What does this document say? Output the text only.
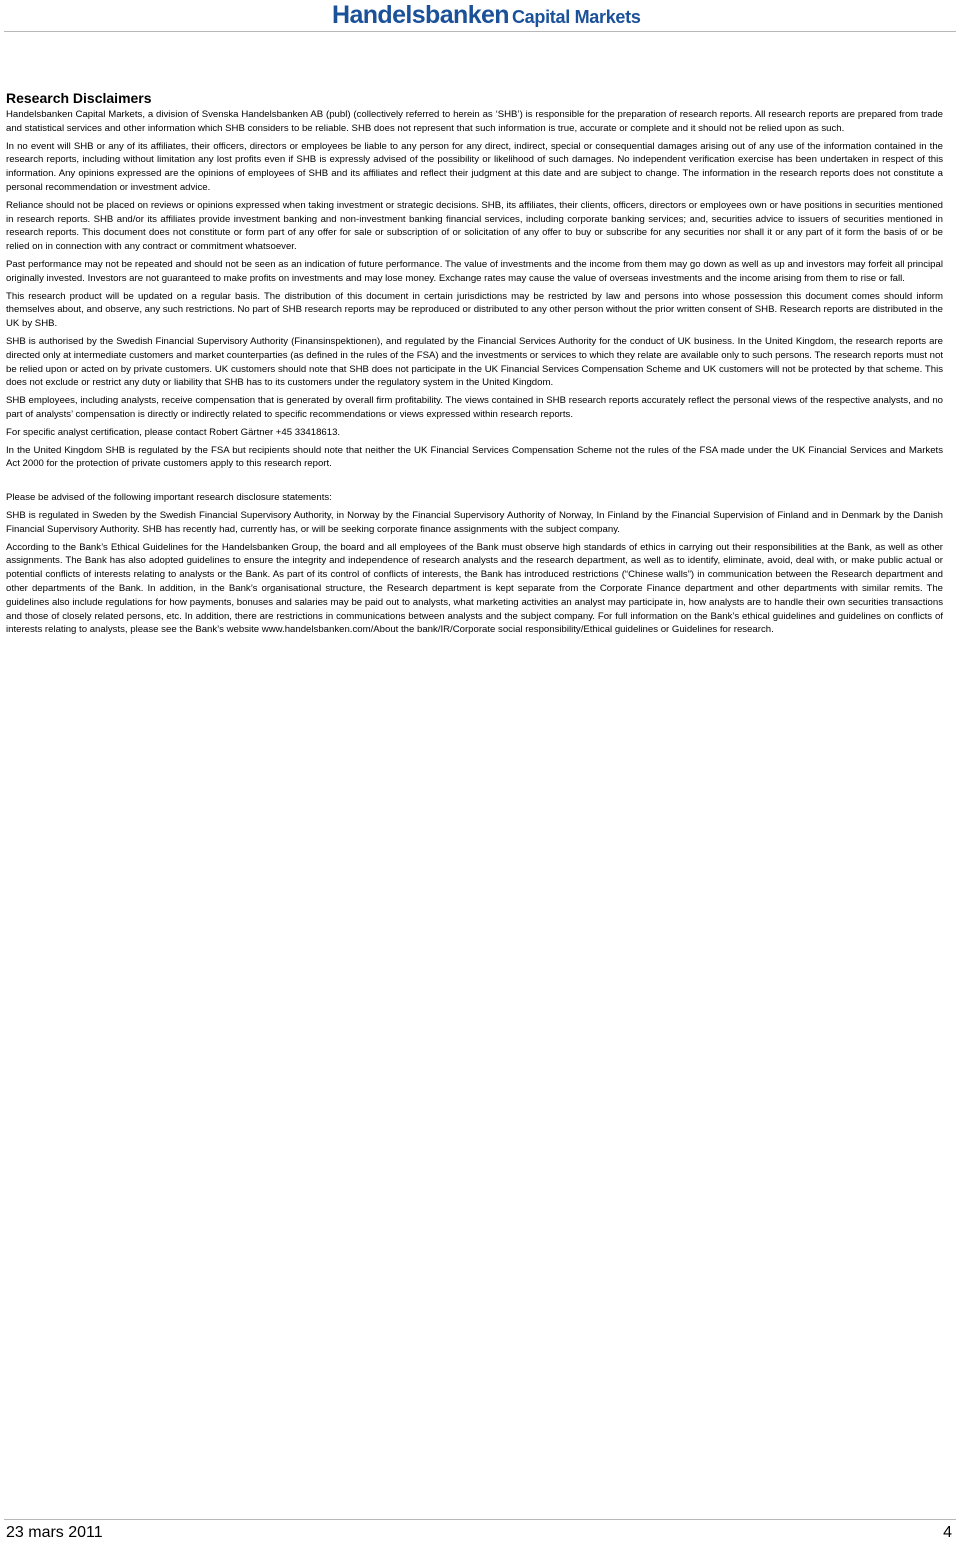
Handelsbanken Capital Markets
Research Disclaimers

Handelsbanken Capital Markets, a division of Svenska Handelsbanken AB (publ) (collectively referred to herein as ‘SHB’) is responsible for the preparation of research reports. All research reports are prepared from trade and statistical services and other information which SHB considers to be reliable. SHB does not represent that such information is true, accurate or complete and it should not be relied upon as such.

In no event will SHB or any of its affiliates, their officers, directors or employees be liable to any person for any direct, indirect, special or consequential damages arising out of any use of the information contained in the research reports, including without limitation any lost profits even if SHB is expressly advised of the possibility or likelihood of such damages. No independent verification exercise has been undertaken in respect of this information. Any opinions expressed are the opinions of employees of SHB and its affiliates and reflect their judgment at this date and are subject to change. The information in the research reports does not constitute a personal recommendation or investment advice.

Reliance should not be placed on reviews or opinions expressed when taking investment or strategic decisions. SHB, its affiliates, their clients, officers, directors or employees own or have positions in securities mentioned in research reports. SHB and/or its affiliates provide investment banking and non-investment banking financial services, including corporate banking services; and, securities advice to issuers of securities mentioned in research reports. This document does not constitute or form part of any offer for sale or subscription of or solicitation of any offer to buy or subscribe for any securities nor shall it or any part of it form the basis of or be relied on in connection with any contract or commitment whatsoever.

Past performance may not be repeated and should not be seen as an indication of future performance. The value of investments and the income from them may go down as well as up and investors may forfeit all principal originally invested. Investors are not guaranteed to make profits on investments and may lose money. Exchange rates may cause the value of overseas investments and the income arising from them to rise or fall.

This research product will be updated on a regular basis. The distribution of this document in certain jurisdictions may be restricted by law and persons into whose possession this document comes should inform themselves about, and observe, any such restrictions. No part of SHB research reports may be reproduced or distributed to any other person without the prior written consent of SHB. Research reports are distributed in the UK by SHB.

SHB is authorised by the Swedish Financial Supervisory Authority (Finansinspektionen), and regulated by the Financial Services Authority for the conduct of UK business. In the United Kingdom, the research reports are directed only at intermediate customers and market counterparties (as defined in the rules of the FSA) and the investments or services to which they relate are available only to such persons. The research reports must not be relied upon or acted on by private customers. UK customers should note that SHB does not participate in the UK Financial Services Compensation Scheme and UK customers will not be protected by that scheme. This does not exclude or restrict any duty or liability that SHB has to its customers under the regulatory system in the United Kingdom.

SHB employees, including analysts, receive compensation that is generated by overall firm profitability. The views contained in SHB research reports accurately reflect the personal views of the respective analysts, and no part of analysts’ compensation is directly or indirectly related to specific recommendations or views expressed within research reports.

For specific analyst certification, please contact Robert Gärtner +45 33418613.

In the United Kingdom SHB is regulated by the FSA but recipients should note that neither the UK Financial Services Compensation Scheme not the rules of the FSA made under the UK Financial Services and Markets Act 2000 for the protection of private customers apply to this research report.

Please be advised of the following important research disclosure statements:

SHB is regulated in Sweden by the Swedish Financial Supervisory Authority, in Norway by the Financial Supervisory Authority of Norway, In Finland by the Financial Supervision of Finland and in Denmark by the Danish Financial Supervisory Authority. SHB has recently had, currently has, or will be seeking corporate finance assignments with the subject company.

According to the Bank’s Ethical Guidelines for the Handelsbanken Group, the board and all employees of the Bank must observe high standards of ethics in carrying out their responsibilities at the Bank, as well as other assignments. The Bank has also adopted guidelines to ensure the integrity and independence of research analysts and the research department, as well as to identify, eliminate, avoid, deal with, or make public actual or potential conflicts of interests relating to analysts or the Bank. As part of its control of conflicts of interests, the Bank has introduced restrictions (“Chinese walls”) in communication between the Research department and other departments of the Bank. In addition, in the Bank’s organisational structure, the Research department is kept separate from the Corporate Finance department and other departments with similar remits. The guidelines also include regulations for how payments, bonuses and salaries may be paid out to analysts, what marketing activities an analyst may participate in, how analysts are to handle their own securities transactions and those of closely related persons, etc. In addition, there are restrictions in communications between analysts and the subject company. For full information on the Bank’s ethical guidelines and guidelines on conflicts of interests relating to analysts, please see the Bank’s website www.handelsbanken.com/About the bank/IR/Corporate social responsibility/Ethical guidelines or Guidelines for research.

23 mars 2011	4
